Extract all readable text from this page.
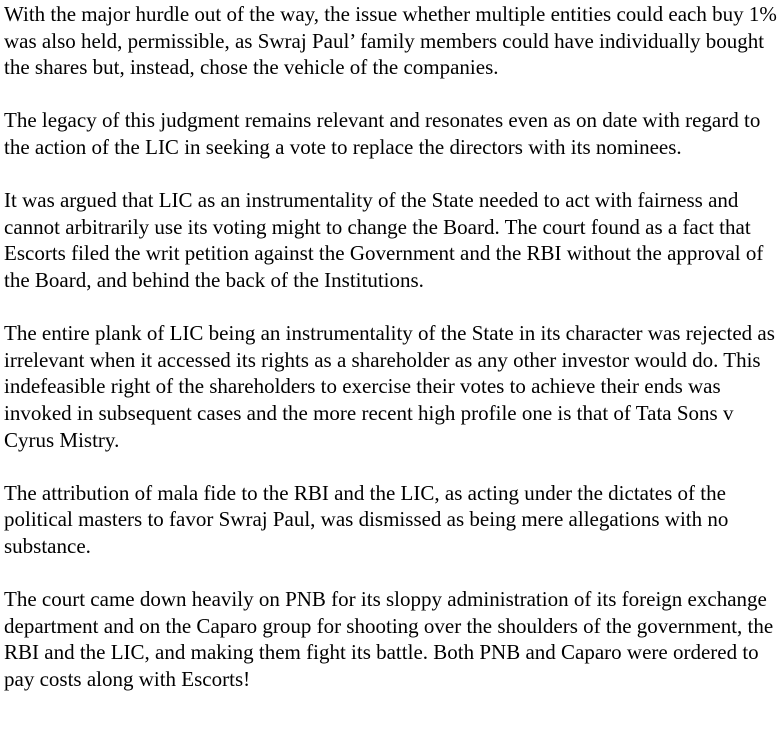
With the major hurdle out of the way, the issue whether multiple entities could each buy 1% was also held, permissible, as Swraj Paul’ family members could have individually bought the shares but, instead, chose the vehicle of the companies.

The legacy of this judgment remains relevant and resonates even as on date with regard to the action of the LIC in seeking a vote to replace the directors with its nominees.

It was argued that LIC as an instrumentality of the State needed to act with fairness and cannot arbitrarily use its voting might to change the Board. The court found as a fact that Escorts filed the writ petition against the Government and the RBI without the approval of the Board, and behind the back of the Institutions.

The entire plank of LIC being an instrumentality of the State in its character was rejected as irrelevant when it accessed its rights as a shareholder as any other investor would do. This indefeasible right of the shareholders to exercise their votes to achieve their ends was invoked in subsequent cases and the more recent high profile one is that of Tata Sons v Cyrus Mistry.

The attribution of mala fide to the RBI and the LIC, as acting under the dictates of the political masters to favor Swraj Paul, was dismissed as being mere allegations with no substance.

The court came down heavily on PNB for its sloppy administration of its foreign exchange department and on the Caparo group for shooting over the shoulders of the government, the RBI and the LIC, and making them fight its battle. Both PNB and Caparo were ordered to pay costs along with Escorts!
